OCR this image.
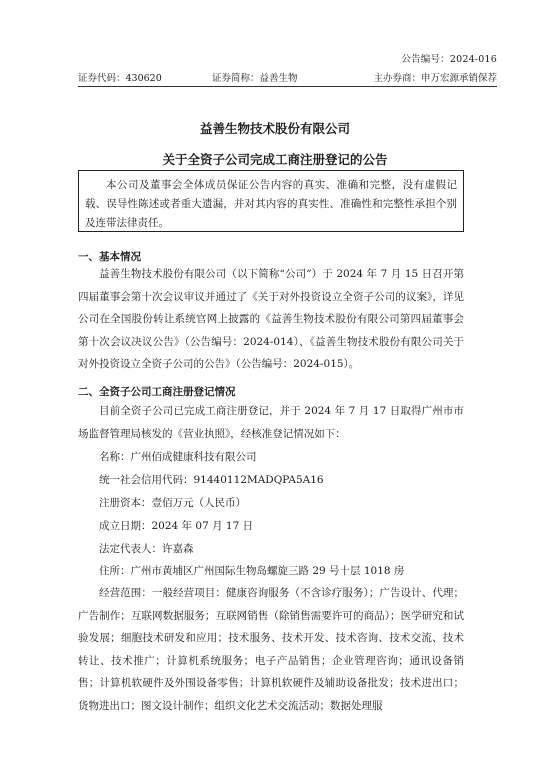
公告编号：2024-016
证券代码：430620	证券简称：益善生物	主办券商：申万宏源承销保荐
益善生物技术股份有限公司
关于全资子公司完成工商注册登记的公告
本公司及董事会全体成员保证公告内容的真实、准确和完整，没有虚假记载、误导性陈述或者重大遗漏，并对其内容的真实性、准确性和完整性承担个别及连带法律责任。
一、基本情况
益善生物技术股份有限公司（以下简称“公司”）于 2024 年 7 月 15 日召开第四届董事会第十次会议审议并通过了《关于对外投资设立全资子公司的议案》，详见公司在全国股份转让系统官网上披露的《益善生物技术股份有限公司第四届董事会第十次会议决议公告》（公告编号：2024-014）、《益善生物技术股份有限公司关于对外投资设立全资子公司的公告》（公告编号：2024-015）。
二、全资子公司工商注册登记情况
目前全资子公司已完成工商注册登记，并于 2024 年 7 月 17 日取得广州市市场监督管理局核发的《营业执照》，经核准登记情况如下：
名称：广州佰成健康科技有限公司
统一社会信用代码：91440112MADQPA5A16
注册资本：壹佰万元（人民币）
成立日期：2024 年 07 月 17 日
法定代表人：许嘉森
住所：广州市黄埔区广州国际生物岛螺旋三路 29 号十层 1018 房
经营范围：一般经营项目：健康咨询服务（不含诊疗服务）；广告设计、代理；广告制作；互联网数据服务；互联网销售（除销售需要许可的商品）；医学研究和试验发展；细胞技术研发和应用；技术服务、技术开发、技术咨询、技术交流、技术转让、技术推广；计算机系统服务；电子产品销售；企业管理咨询；通讯设备销售；计算机软硬件及外围设备零售；计算机软硬件及辅助设备批发；技术进出口；货物进出口；图文设计制作；组织文化艺术交流活动；数据处理服
